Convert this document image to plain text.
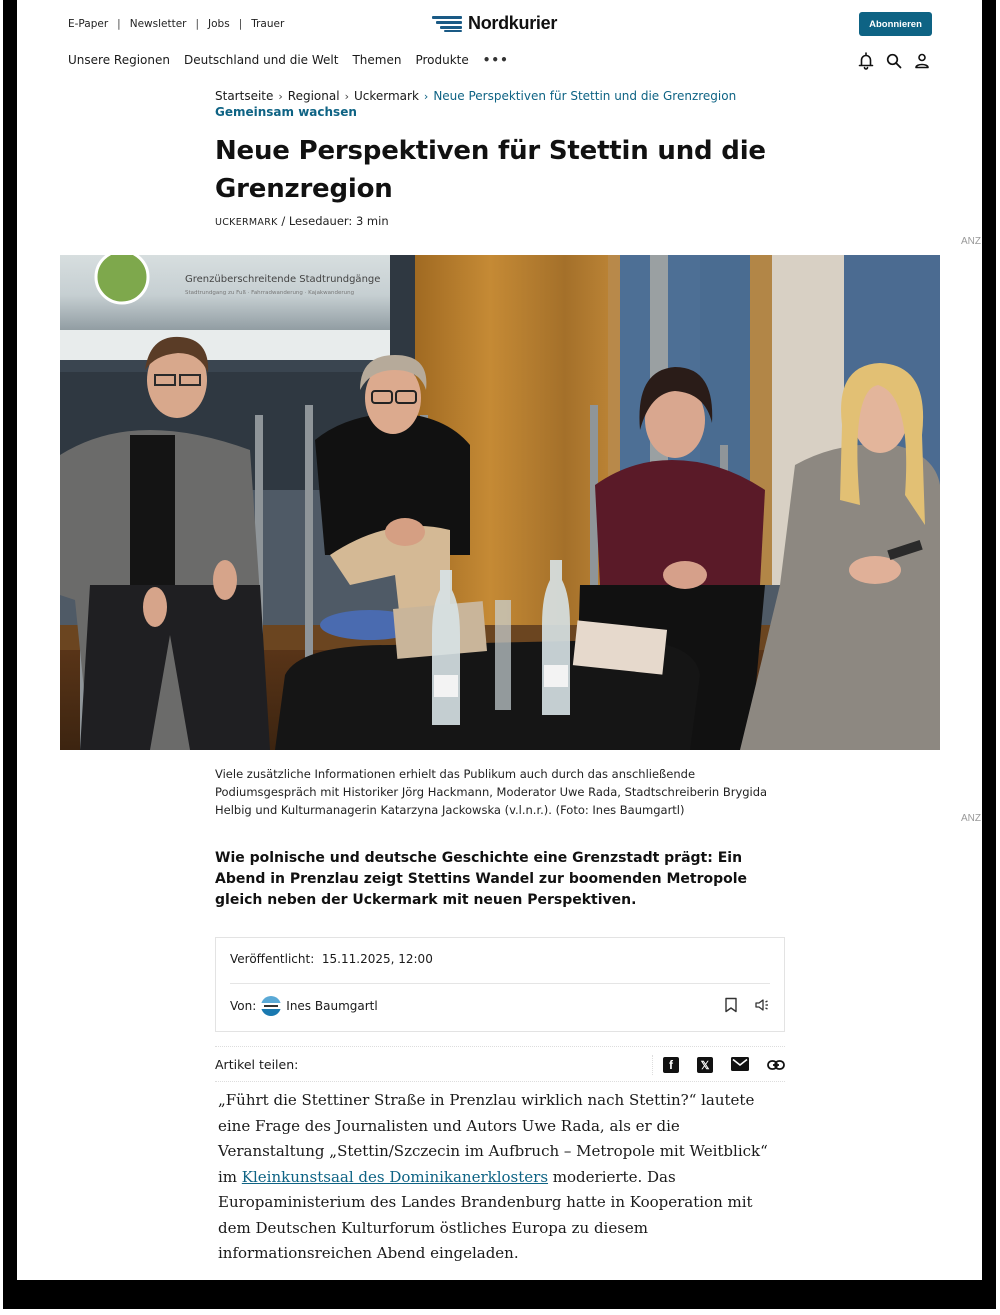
E-Paper | Newsletter | Jobs | Trauer	Nordkurier	Abonnieren
Unsere Regionen Deutschland und die Welt Themen Produkte •••
Startseite › Regional › Uckermark › Neue Perspektiven für Stettin und die Grenzregion
Gemeinsam wachsen
Neue Perspektiven für Stettin und die Grenzregion
UCKERMARK / Lesedauer: 3 min
ANZ
ANZ
Grenzüberschreitende Stadtrundgänge
Stadtrundgang zu Fuß · Fahrradwanderung · Kajakwanderung

Viele zusätzliche Informationen erhielt das Publikum auch durch das anschließende Podiumsgespräch mit Historiker Jörg Hackmann, Moderator Uwe Rada, Stadtschreiberin Brygida Helbig und Kulturmanagerin Katarzyna Jackowska (v.l.n.r.). (Foto: Ines Baumgartl)

Wie polnische und deutsche Geschichte eine Grenzstadt prägt: Ein Abend in Prenzlau zeigt Stettins Wandel zur boomenden Metropole gleich neben der Uckermark mit neuen Perspektiven.

Veröffentlicht: 15.11.2025, 12:00
Von:	Ines Baumgartl
Artikel teilen:	f	𝕏

„Führt die Stettiner Straße in Prenzlau wirklich nach Stettin?“ lautete eine Frage des Journalisten und Autors Uwe Rada, als er die Veranstaltung „Stettin/Szczecin im Aufbruch – Metropole mit Weitblick“ im Kleinkunstsaal des Dominikanerklosters moderierte. Das Europaministerium des Landes Brandenburg hatte in Kooperation mit dem Deutschen Kulturforum östliches Europa zu diesem informationsreichen Abend eingeladen.
